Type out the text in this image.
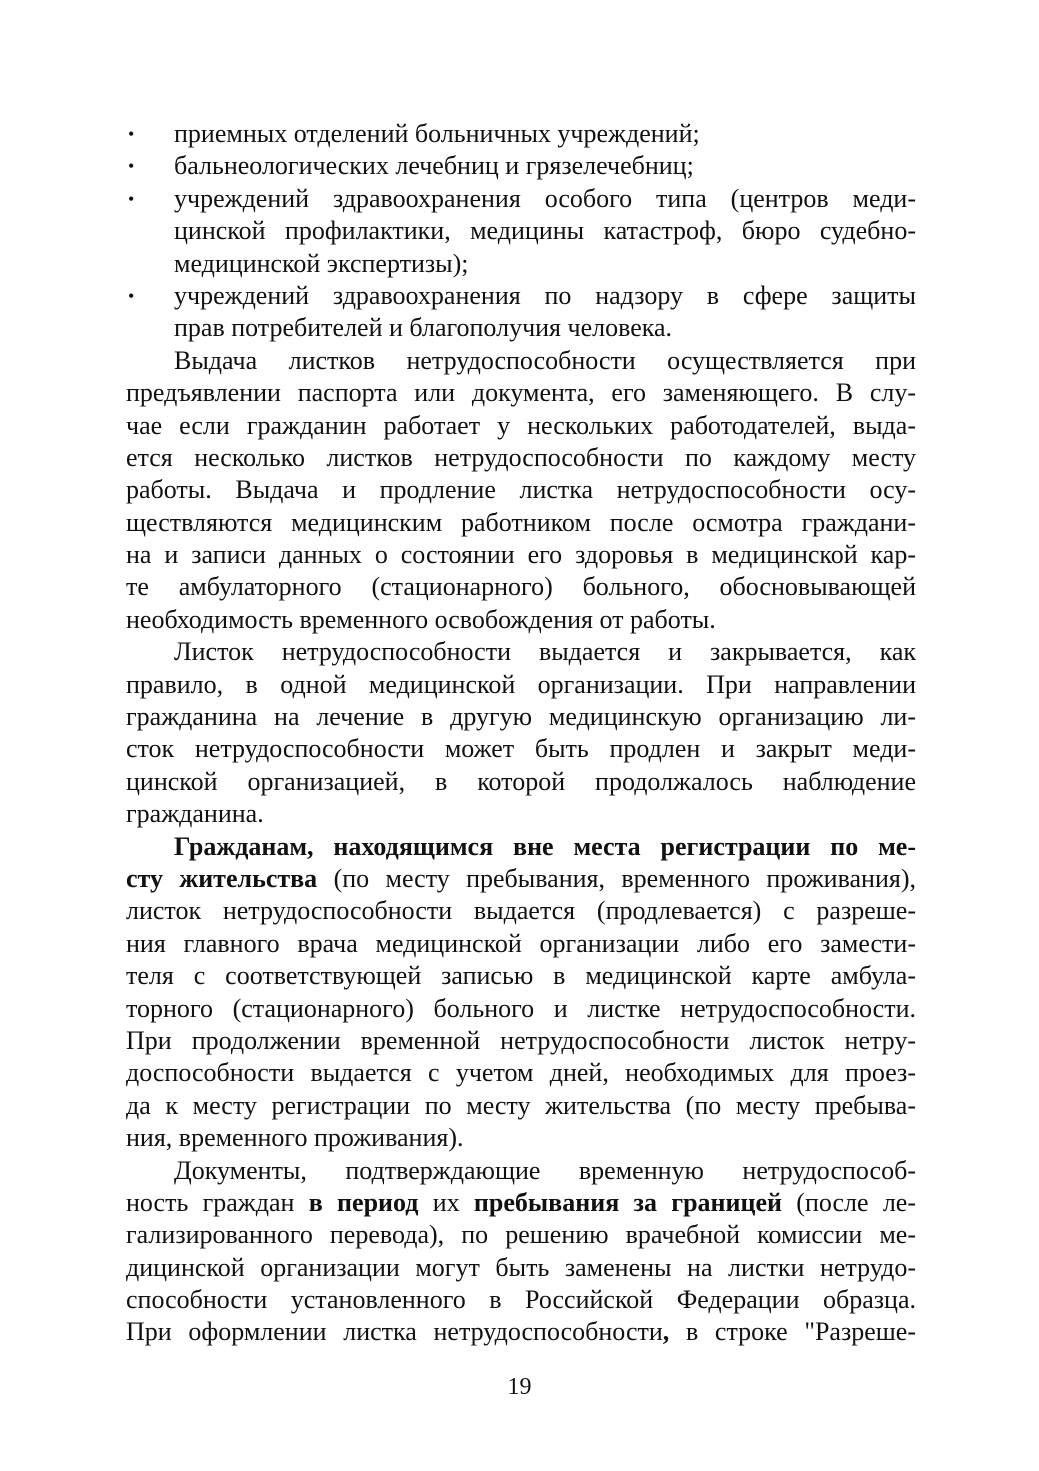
• приемных отделений больничных учреждений;
• бальнеологических лечебниц и грязелечебниц;
• учреждений здравоохранения особого типа (центров меди-
цинской профилактики, медицины катастроф, бюро судебно-
медицинской экспертизы);
• учреждений здравоохранения по надзору в сфере защиты
прав потребителей и благополучия человека.
Выдача листков нетрудоспособности осуществляется при
предъявлении паспорта или документа, его заменяющего. В слу-
чае если гражданин работает у нескольких работодателей, выда-
ется несколько листков нетрудоспособности по каждому месту
работы. Выдача и продление листка нетрудоспособности осу-
ществляются медицинским работником после осмотра граждани-
на и записи данных о состоянии его здоровья в медицинской кар-
те амбулаторного (стационарного) больного, обосновывающей
необходимость временного освобождения от работы.
Листок нетрудоспособности выдается и закрывается, как
правило, в одной медицинской организации. При направлении
гражданина на лечение в другую медицинскую организацию ли-
сток нетрудоспособности может быть продлен и закрыт меди-
цинской организацией, в которой продолжалось наблюдение
гражданина.
Гражданам, находящимся вне места регистрации по ме-
сту жительства (по месту пребывания, временного проживания),
листок нетрудоспособности выдается (продлевается) с разреше-
ния главного врача медицинской организации либо его замести-
теля с соответствующей записью в медицинской карте амбула-
торного (стационарного) больного и листке нетрудоспособности.
При продолжении временной нетрудоспособности листок нетру-
доспособности выдается с учетом дней, необходимых для проез-
да к месту регистрации по месту жительства (по месту пребыва-
ния, временного проживания).
Документы, подтверждающие временную нетрудоспособ-
ность граждан в период их пребывания за границей (после ле-
гализированного перевода), по решению врачебной комиссии ме-
дицинской организации могут быть заменены на листки нетрудо-
способности установленного в Российской Федерации образца.
При оформлении листка нетрудоспособности, в строке "Разреше-
19
